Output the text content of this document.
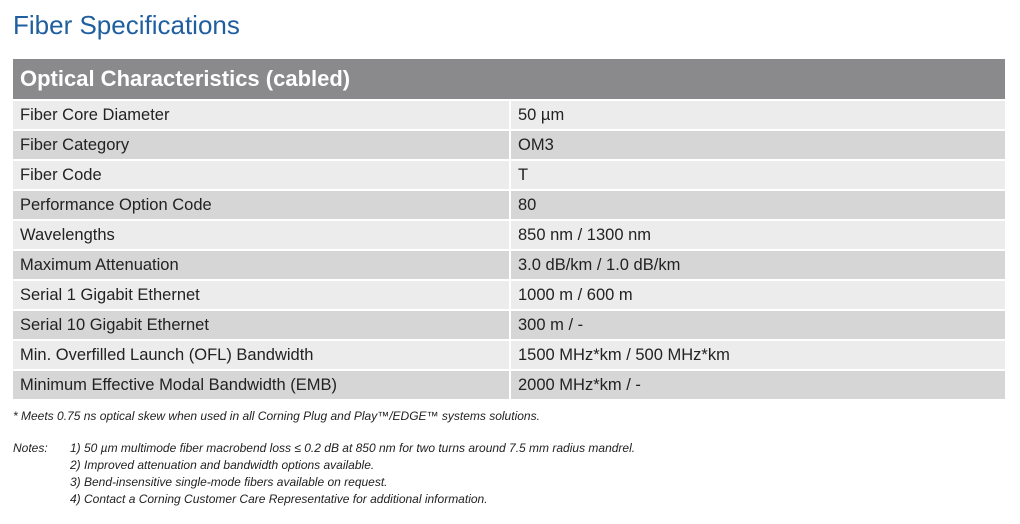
Fiber Specifications
Optical Characteristics (cabled)	
Fiber Core Diameter	50 µm
Fiber Category	OM3
Fiber Code	T
Performance Option Code	80
Wavelengths	850 nm / 1300 nm
Maximum Attenuation	3.0 dB/km / 1.0 dB/km
Serial 1 Gigabit Ethernet	1000 m / 600 m
Serial 10 Gigabit Ethernet	300 m / -
Min. Overfilled Launch (OFL) Bandwidth	1500 MHz*km / 500 MHz*km
Minimum Effective Modal Bandwidth (EMB)	2000 MHz*km / -
* Meets 0.75 ns optical skew when used in all Corning Plug and Play™/EDGE™ systems solutions.
Notes: 1) 50 µm multimode fiber macrobend loss ≤ 0.2 dB at 850 nm for two turns around 7.5 mm radius mandrel.
2) Improved attenuation and bandwidth options available.
3) Bend-insensitive single-mode fibers available on request.
4) Contact a Corning Customer Care Representative for additional information.
